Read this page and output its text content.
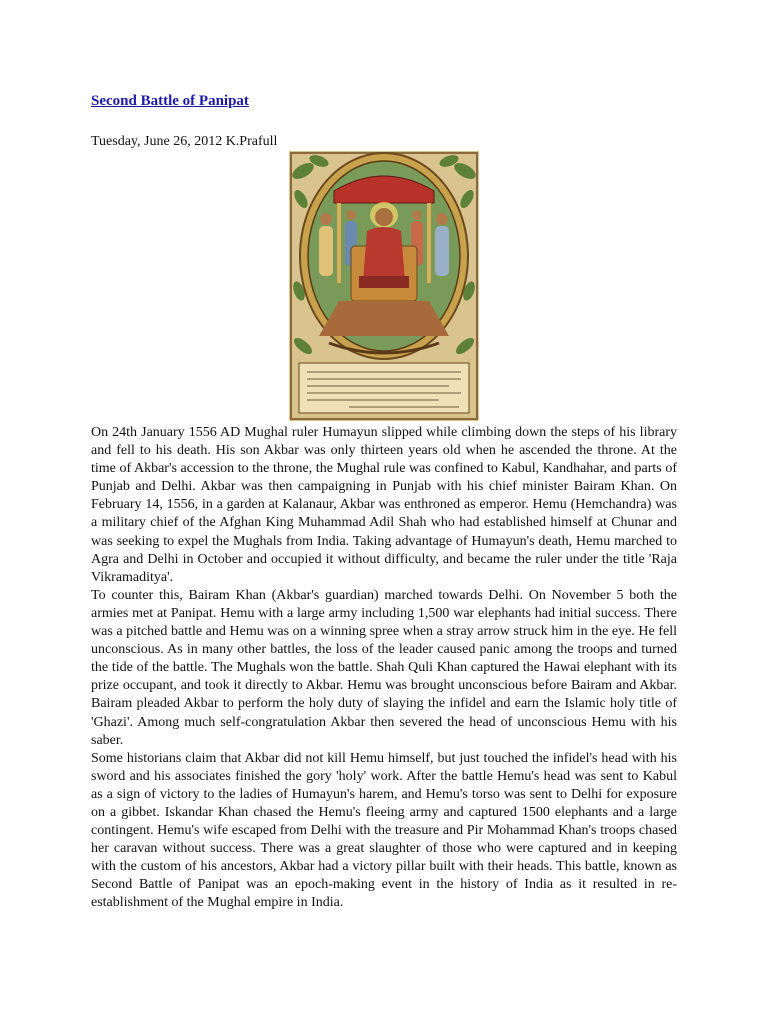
Second Battle of Panipat
Tuesday, June 26, 2012 K.Prafull

On 24th January 1556 AD Mughal ruler Humayun slipped while climbing down the steps of his library and fell to his death. His son Akbar was only thirteen years old when he ascended the throne. At the time of Akbar's accession to the throne, the Mughal rule was confined to Kabul, Kandhahar, and parts of Punjab and Delhi. Akbar was then campaigning in Punjab with his chief minister Bairam Khan. On February 14, 1556, in a garden at Kalanaur, Akbar was enthroned as emperor. Hemu (Hemchandra) was a military chief of the Afghan King Muhammad Adil Shah who had established himself at Chunar and was seeking to expel the Mughals from India. Taking advantage of Humayun's death, Hemu marched to Agra and Delhi in October and occupied it without difficulty, and became the ruler under the title 'Raja Vikramaditya'.

To counter this, Bairam Khan (Akbar's guardian) marched towards Delhi. On November 5 both the armies met at Panipat. Hemu with a large army including 1,500 war elephants had initial success. There was a pitched battle and Hemu was on a winning spree when a stray arrow struck him in the eye. He fell unconscious. As in many other battles, the loss of the leader caused panic among the troops and turned the tide of the battle. The Mughals won the battle. Shah Quli Khan captured the Hawai elephant with its prize occupant, and took it directly to Akbar. Hemu was brought unconscious before Bairam and Akbar. Bairam pleaded Akbar to perform the holy duty of slaying the infidel and earn the Islamic holy title of 'Ghazi'. Among much self-congratulation Akbar then severed the head of unconscious Hemu with his saber.

Some historians claim that Akbar did not kill Hemu himself, but just touched the infidel's head with his sword and his associates finished the gory 'holy' work. After the battle Hemu's head was sent to Kabul as a sign of victory to the ladies of Humayun's harem, and Hemu's torso was sent to Delhi for exposure on a gibbet. Iskandar Khan chased the Hemu's fleeing army and captured 1500 elephants and a large contingent. Hemu's wife escaped from Delhi with the treasure and Pir Mohammad Khan's troops chased her caravan without success. There was a great slaughter of those who were captured and in keeping with the custom of his ancestors, Akbar had a victory pillar built with their heads. This battle, known as Second Battle of Panipat was an epoch-making event in the history of India as it resulted in re-establishment of the Mughal empire in India.
